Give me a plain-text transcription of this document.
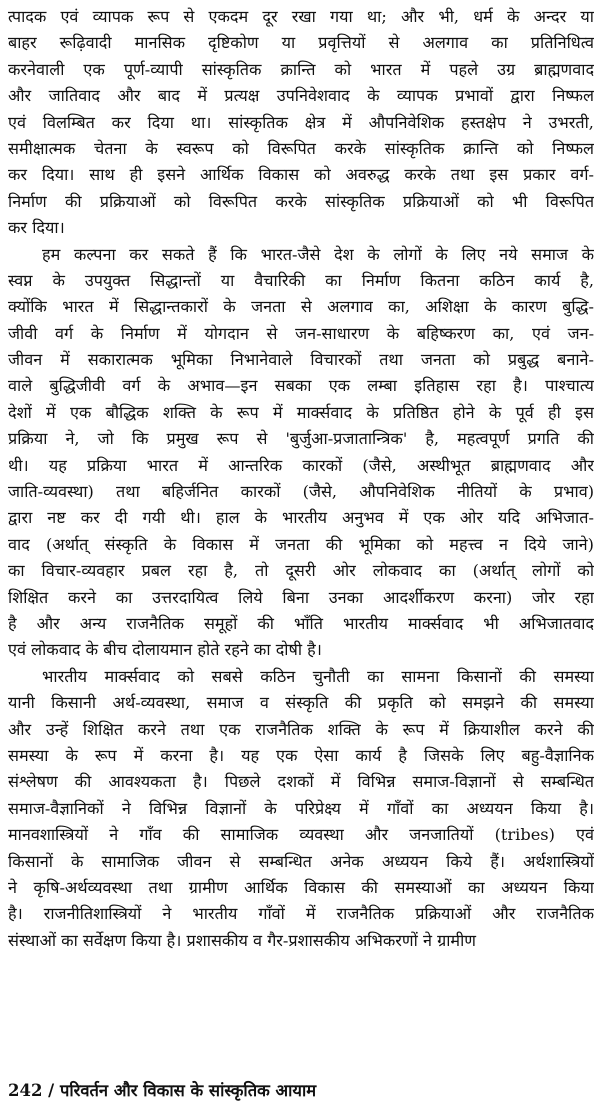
त्पादक एवं व्यापक रूप से एकदम दूर रखा गया था; और भी, धर्म के अन्दर या
बाहर रूढ़िवादी मानसिक दृष्टिकोण या प्रवृत्तियों से अलगाव का प्रतिनिधित्व
करनेवाली एक पूर्ण-व्यापी सांस्कृतिक क्रान्ति को भारत में पहले उग्र ब्राह्मणवाद
और जातिवाद और बाद में प्रत्यक्ष उपनिवेशवाद के व्यापक प्रभावों द्वारा निष्फल
एवं विलम्बित कर दिया था। सांस्कृतिक क्षेत्र में औपनिवेशिक हस्तक्षेप ने उभरती,
समीक्षात्मक चेतना के स्वरूप को विरूपित करके सांस्कृतिक क्रान्ति को निष्फल
कर दिया। साथ ही इसने आर्थिक विकास को अवरुद्ध करके तथा इस प्रकार वर्ग-
निर्माण की प्रक्रियाओं को विरूपित करके सांस्कृतिक प्रक्रियाओं को भी विरूपित
कर दिया।
हम कल्पना कर सकते हैं कि भारत-जैसे देश के लोगों के लिए नये समाज के
स्वप्न के उपयुक्त सिद्धान्तों या वैचारिकी का निर्माण कितना कठिन कार्य है,
क्योंकि भारत में सिद्धान्तकारों के जनता से अलगाव का, अशिक्षा के कारण बुद्धि-
जीवी वर्ग के निर्माण में योगदान से जन-साधारण के बहिष्करण का, एवं जन-
जीवन में सकारात्मक भूमिका निभानेवाले विचारकों तथा जनता को प्रबुद्ध बनाने-
वाले बुद्धिजीवी वर्ग के अभाव—इन सबका एक लम्बा इतिहास रहा है। पाश्चात्य
देशों में एक बौद्धिक शक्ति के रूप में मार्क्सवाद के प्रतिष्ठित होने के पूर्व ही इस
प्रक्रिया ने, जो कि प्रमुख रूप से 'बुर्जुआ-प्रजातान्त्रिक' है, महत्वपूर्ण प्रगति की
थी। यह प्रक्रिया भारत में आन्तरिक कारकों (जैसे, अस्थीभूत ब्राह्मणवाद और
जाति-व्यवस्था) तथा बहिर्जनित कारकों (जैसे, औपनिवेशिक नीतियों के प्रभाव)
द्वारा नष्ट कर दी गयी थी। हाल के भारतीय अनुभव में एक ओर यदि अभिजात-
वाद (अर्थात् संस्कृति के विकास में जनता की भूमिका को महत्त्व न दिये जाने)
का विचार-व्यवहार प्रबल रहा है, तो दूसरी ओर लोकवाद का (अर्थात् लोगों को
शिक्षित करने का उत्तरदायित्व लिये बिना उनका आदर्शीकरण करना) जोर रहा
है और अन्य राजनैतिक समूहों की भाँति भारतीय मार्क्सवाद भी अभिजातवाद
एवं लोकवाद के बीच दोलायमान होते रहने का दोषी है।
भारतीय मार्क्सवाद को सबसे कठिन चुनौती का सामना किसानों की समस्या
यानी किसानी अर्थ-व्यवस्था, समाज व संस्कृति की प्रकृति को समझने की समस्या
और उन्हें शिक्षित करने तथा एक राजनैतिक शक्ति के रूप में क्रियाशील करने की
समस्या के रूप में करना है। यह एक ऐसा कार्य है जिसके लिए बहु-वैज्ञानिक
संश्लेषण की आवश्यकता है। पिछले दशकों में विभिन्न समाज-विज्ञानों से सम्बन्धित
समाज-वैज्ञानिकों ने विभिन्न विज्ञानों के परिप्रेक्ष्य में गाँवों का अध्ययन किया है।
मानवशास्त्रियों ने गाँव की सामाजिक व्यवस्था और जनजातियों (tribes) एवं
किसानों के सामाजिक जीवन से सम्बन्धित अनेक अध्ययन किये हैं। अर्थशास्त्रियों
ने कृषि-अर्थव्यवस्था तथा ग्रामीण आर्थिक विकास की समस्याओं का अध्ययन किया
है। राजनीतिशास्त्रियों ने भारतीय गाँवों में राजनैतिक प्रक्रियाओं और राजनैतिक
संस्थाओं का सर्वेक्षण किया है। प्रशासकीय व गैर-प्रशासकीय अभिकरणों ने ग्रामीण
242 / परिवर्तन और विकास के सांस्कृतिक आयाम
